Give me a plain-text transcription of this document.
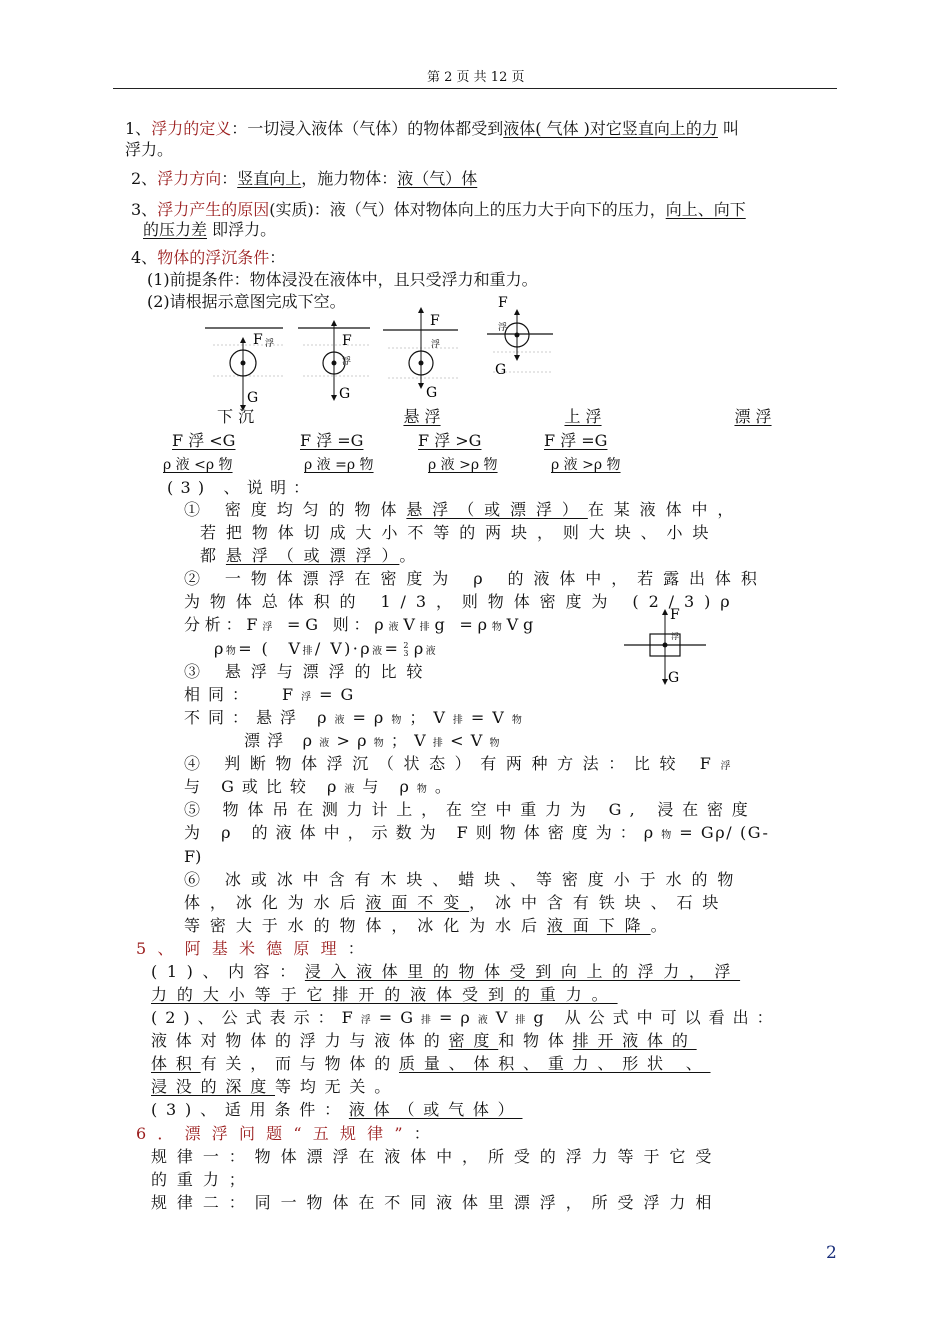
第 2 页 共 12 页
1、浮力的定义：一切浸入液体（气体）的物体都受到液体( 气体 )对它竖直向上的力 叫
浮力。
2、浮力方向：竖直向上，施力物体：液（气）体
3、浮力产生的原因(实质)：液（气）体对物体向上的压力大于向下的压力，向上、向下
的压力差 即浮力。
4、物体的浮沉条件：
(1)前提条件：物体浸没在液体中，且只受浮力和重力。
(2)请根据示意图完成下空。
F 浮
G
F
浮
G
F
浮
G
F
浮
G
下 沉	悬 浮	上 浮	漂 浮
F 浮 <G	F 浮 =G	F 浮 >G	F 浮 =G
ρ 液 <ρ 物	ρ 液 =ρ 物	ρ 液 >ρ 物	ρ 液 >ρ 物
(3) 、说明：
① 密度均匀的物体悬浮（或漂浮）在某液体中，
若把物体切成大小不等的两块，则大块、小块
都悬浮（或漂浮）。
② 一物体漂浮在密度为 ρ 的液体中，若露出体积
为物体总体积的 1/3，则物体密度为 (2/3)ρ
分析：F浮 =G 则：ρ液V排g =ρ物Vg
ρ物= (　V排/ V)·ρ液= 2
3 ρ液
F
浮
G
③ 悬浮与漂浮的比较
相同： F浮=G
不同：悬浮 ρ液=ρ物；V排=V物
漂浮 ρ液>ρ物；V排<V物
④ 判断物体浮沉（状态）有两种方法：比较 F浮
与 G或比较 ρ液与 ρ物。
⑤ 物体吊在测力计上，在空中重力为 G, 浸在密度
为 ρ 的液体中，示数为 F则物体密度为：ρ物= Gρ/ (G-
F)
⑥ 冰或冰中含有木块、蜡块、等密度小于水的物
体，冰化为水后液面不变，冰中含有铁块、石块
等密大于水的物体，冰化为水后液面下降。
5、阿基米德原理：
(1)、内容：浸入液体里的物体受到向上的浮力，浮
力的大小等于它排开的液体受到的重力。
(2)、公式表示：F浮=G排=ρ液V排g 从公式中可以看出：
液体对物体的浮力与液体的密度和物体排开液体的
体积有关，而与物体的质量、体积、重力、形状 、
浸没的深度等均无关。
(3)、适用条件：液体（或气体）
6．漂浮问题“五规律”：
规律一：物体漂浮在液体中，所受的浮力等于它受
的重力；
规律二：同一物体在不同液体里漂浮，所受浮力相
2
